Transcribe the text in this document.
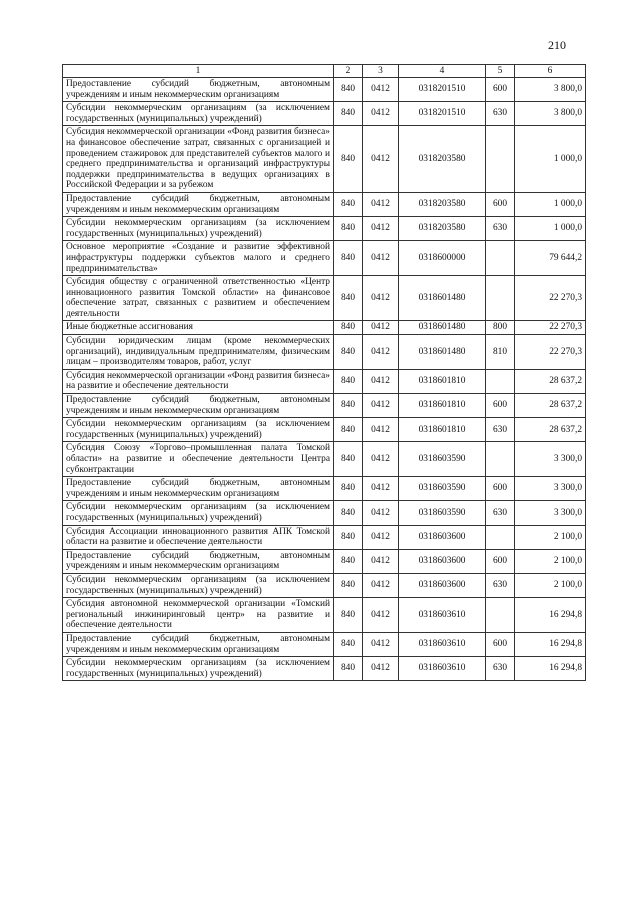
210
1	2	3	4	5	6
Предоставление субсидий бюджетным, автономным учреждениям и иным некоммерческим организациям	840	0412	0318201510	600	3 800,0
Субсидии некоммерческим организациям (за исключением государственных (муниципальных) учреждений)	840	0412	0318201510	630	3 800,0
Субсидия некоммерческой организации «Фонд развития бизнеса» на финансовое обеспечение затрат, связанных с организацией и проведением стажировок для представителей субъектов малого и среднего предпринимательства и организаций инфраструктуры поддержки предпринимательства в ведущих организациях в Российской Федерации и за рубежом	840	0412	0318203580		1 000,0
Предоставление субсидий бюджетным, автономным учреждениям и иным некоммерческим организациям	840	0412	0318203580	600	1 000,0
Субсидии некоммерческим организациям (за исключением государственных (муниципальных) учреждений)	840	0412	0318203580	630	1 000,0
Основное мероприятие «Создание и развитие эффективной инфраструктуры поддержки субъектов малого и среднего предпринимательства»	840	0412	0318600000		79 644,2
Субсидия обществу с ограниченной ответственностью «Центр инновационного развития Томской области» на финансовое обеспечение затрат, связанных с развитием и обеспечением деятельности	840	0412	0318601480		22 270,3
Иные бюджетные ассигнования	840	0412	0318601480	800	22 270,3
Субсидии юридическим лицам (кроме некоммерческих организаций), индивидуальным предпринимателям, физическим лицам – производителям товаров, работ, услуг	840	0412	0318601480	810	22 270,3
Субсидия некоммерческой организации «Фонд развития бизнеса» на развитие и обеспечение деятельности	840	0412	0318601810		28 637,2
Предоставление субсидий бюджетным, автономным учреждениям и иным некоммерческим организациям	840	0412	0318601810	600	28 637,2
Субсидии некоммерческим организациям (за исключением государственных (муниципальных) учреждений)	840	0412	0318601810	630	28 637,2
Субсидия Союзу «Торгово–промышленная палата Томской области» на развитие и обеспечение деятельности Центра субконтрактации	840	0412	0318603590		3 300,0
Предоставление субсидий бюджетным, автономным учреждениям и иным некоммерческим организациям	840	0412	0318603590	600	3 300,0
Субсидии некоммерческим организациям (за исключением государственных (муниципальных) учреждений)	840	0412	0318603590	630	3 300,0
Субсидия Ассоциации инновационного развития АПК Томской области на развитие и обеспечение деятельности	840	0412	0318603600		2 100,0
Предоставление субсидий бюджетным, автономным учреждениям и иным некоммерческим организациям	840	0412	0318603600	600	2 100,0
Субсидии некоммерческим организациям (за исключением государственных (муниципальных) учреждений)	840	0412	0318603600	630	2 100,0
Субсидия автономной некоммерческой организации «Томский региональный инжиниринговый центр» на развитие и обеспечение деятельности	840	0412	0318603610		16 294,8
Предоставление субсидий бюджетным, автономным учреждениям и иным некоммерческим организациям	840	0412	0318603610	600	16 294,8
Субсидии некоммерческим организациям (за исключением государственных (муниципальных) учреждений)	840	0412	0318603610	630	16 294,8
